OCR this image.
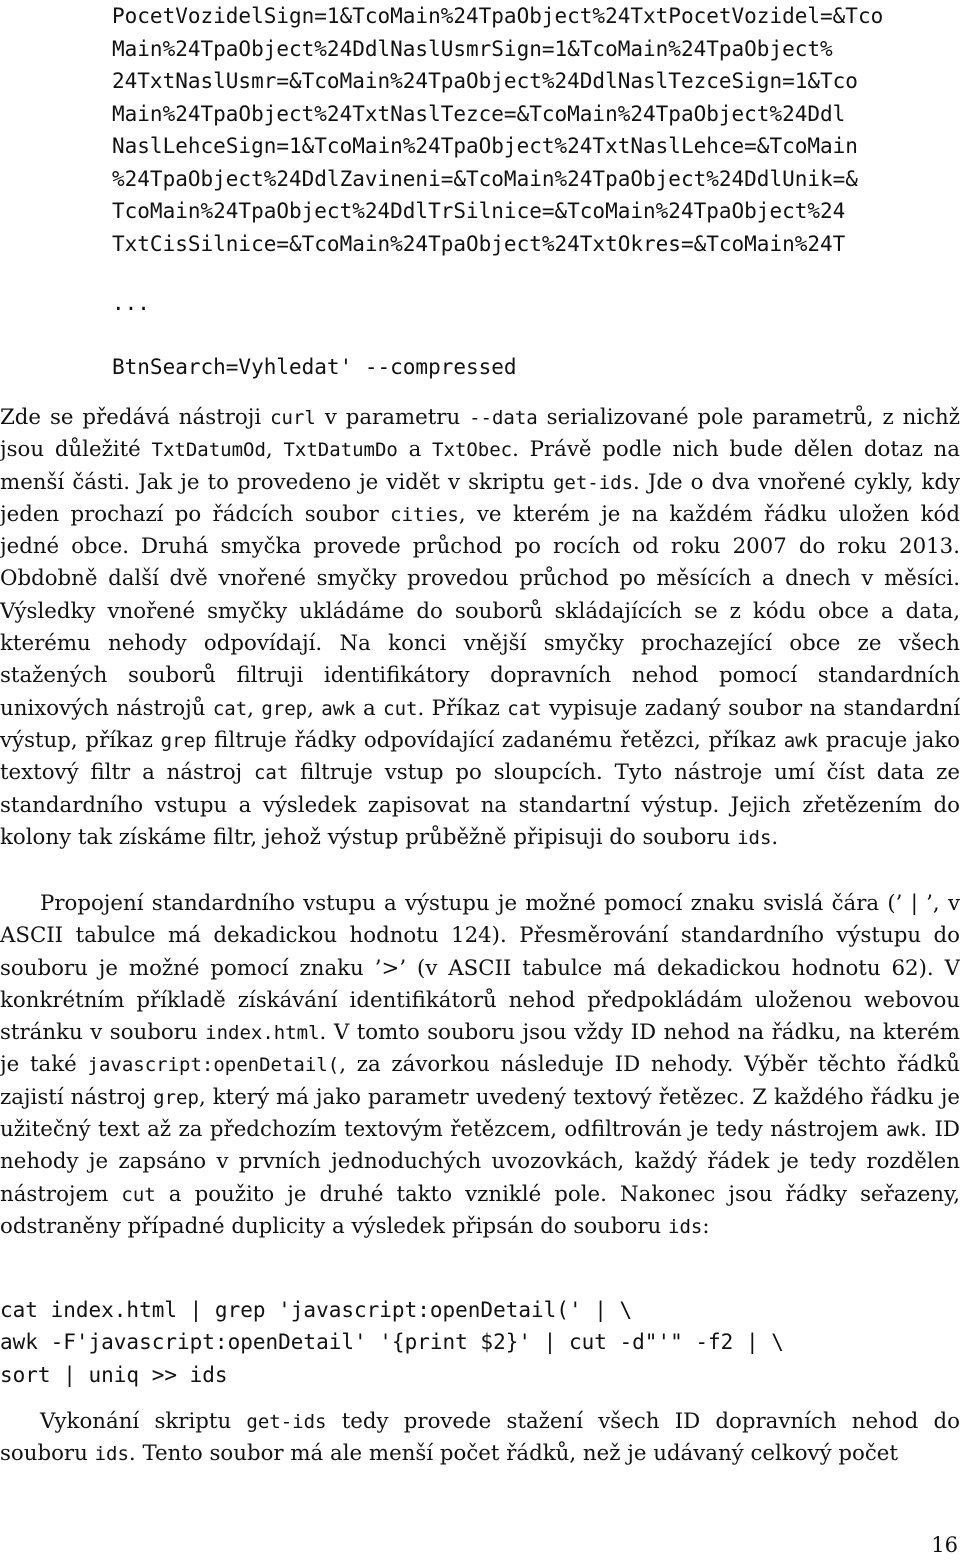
PocetVozidelSign=1&TcoMain%24TpaObject%24TxtPocetVozidel=&Tco
Main%24TpaObject%24DdlNaslUsmrSign=1&TcoMain%24TpaObject%
24TxtNaslUsmr=&TcoMain%24TpaObject%24DdlNaslTezceSign=1&Tco
Main%24TpaObject%24TxtNaslTezce=&TcoMain%24TpaObject%24Ddl
NaslLehceSign=1&TcoMain%24TpaObject%24TxtNaslLehce=&TcoMain
%24TpaObject%24DdlZavineni=&TcoMain%24TpaObject%24DdlUnik=&
TcoMain%24TpaObject%24DdlTrSilnice=&TcoMain%24TpaObject%24
TxtCisSilnice=&TcoMain%24TpaObject%24TxtOkres=&TcoMain%24T
...
BtnSearch=Vyhledat' --compressed

Zde se předává nástroji curl v parametru --data serializované pole parametrů, z nichž jsou důležité TxtDatumOd, TxtDatumDo a TxtObec. Právě podle nich bude dělen dotaz na menší části. Jak je to provedeno je vidět v skriptu get-ids. Jde o dva vnořené cykly, kdy jeden prochazí po řádcích soubor cities, ve kterém je na každém řádku uložen kód jedné obce. Druhá smyčka provede průchod po rocích od roku 2007 do roku 2013. Obdobně další dvě vnořené smyčky provedou průchod po měsících a dnech v měsíci. Výsledky vnořené smyčky ukládáme do souborů skládajících se z kódu obce a data, kterému nehody odpovídají. Na konci vnější smyčky prochazející obce ze všech stažených souborů filtruji identifikátory dopravních nehod pomocí standardních unixových nástrojů cat, grep, awk a cut. Příkaz cat vypisuje zadaný soubor na standardní výstup, příkaz grep filtruje řádky odpovídající zadanému řetězci, příkaz awk pracuje jako textový filtr a nástroj cat filtruje vstup po sloupcích. Tyto nástroje umí číst data ze standardního vstupu a výsledek zapisovat na standartní výstup. Jejich zřetězením do kolony tak získáme filtr, jehož výstup průběžně připisuji do souboru ids.

Propojení standardního vstupu a výstupu je možné pomocí znaku svislá čára (’ | ’, v ASCII tabulce má dekadickou hodnotu 124). Přesměrování standardního výstupu do souboru je možné pomocí znaku ’>’ (v ASCII tabulce má dekadickou hodnotu 62). V konkrétním příkladě získávání identifikátorů nehod předpokládám uloženou webovou stránku v souboru index.html. V tomto souboru jsou vždy ID nehod na řádku, na kterém je také javascript:openDetail(, za závorkou následuje ID nehody. Výběr těchto řádků zajistí nástroj grep, který má jako parametr uvedený textový řetězec. Z každého řádku je užitečný text až za předchozím textovým řetězcem, odfiltrován je tedy nástrojem awk. ID nehody je zapsáno v prvních jednoduchých uvozovkách, každý řádek je tedy rozdělen nástrojem cut a použito je druhé takto vzniklé pole. Nakonec jsou řádky seřazeny, odstraněny případné duplicity a výsledek připsán do souboru ids:

cat index.html | grep 'javascript:openDetail(' | \
awk -F'javascript:openDetail' '{print $2}' | cut -d"'" -f2 | \
sort | uniq >> ids

Vykonání skriptu get-ids tedy provede stažení všech ID dopravních nehod do souboru ids. Tento soubor má ale menší počet řádků, než je udávaný celkový počet

16
